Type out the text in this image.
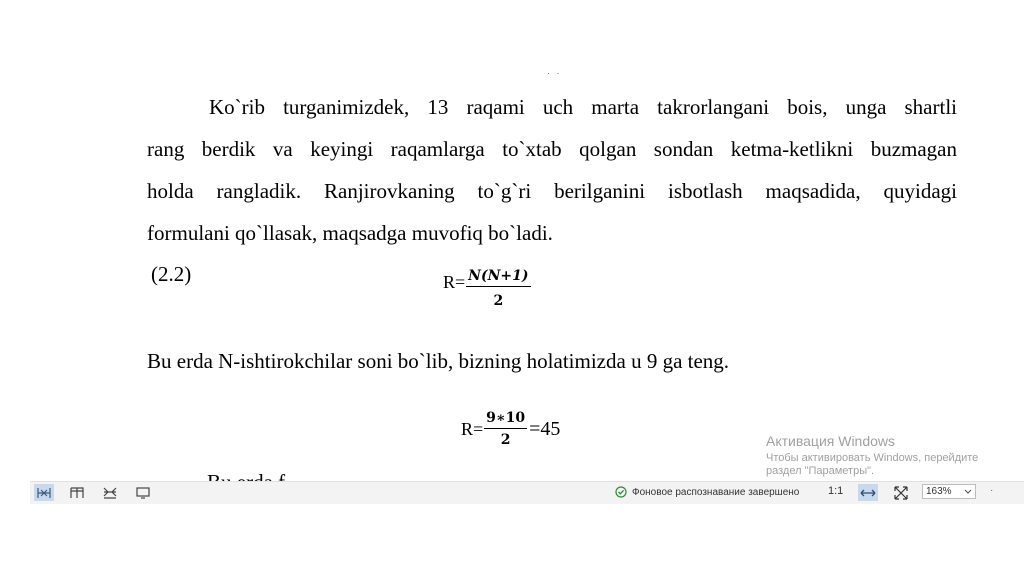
· ·
Ko`rib turganimizdek, 13 raqami uch marta takrorlangani bois, unga shartli
rang berdik va keyingi raqamlarga to`xtab qolgan sondan ketma-ketlikni buzmagan
holda rangladik. Ranjirovkaning to`g`ri berilganini isbotlash maqsadida, quyidagi
formulani qo`llasak, maqsadga muvofiq bo`ladi.
(2.2)	$R= \frac{N(N+1)}{2}$
Bu erda N-ishtirokchilar soni bo`lib, bizning holatimizda u 9 ga teng.
$R= \frac{9∗10}{2} =45$
Активация Windows
Чтобы активировать Windows, перейдите
раздел "Параметры".
Фоновое распознавание завершено	1:1	163%	·
